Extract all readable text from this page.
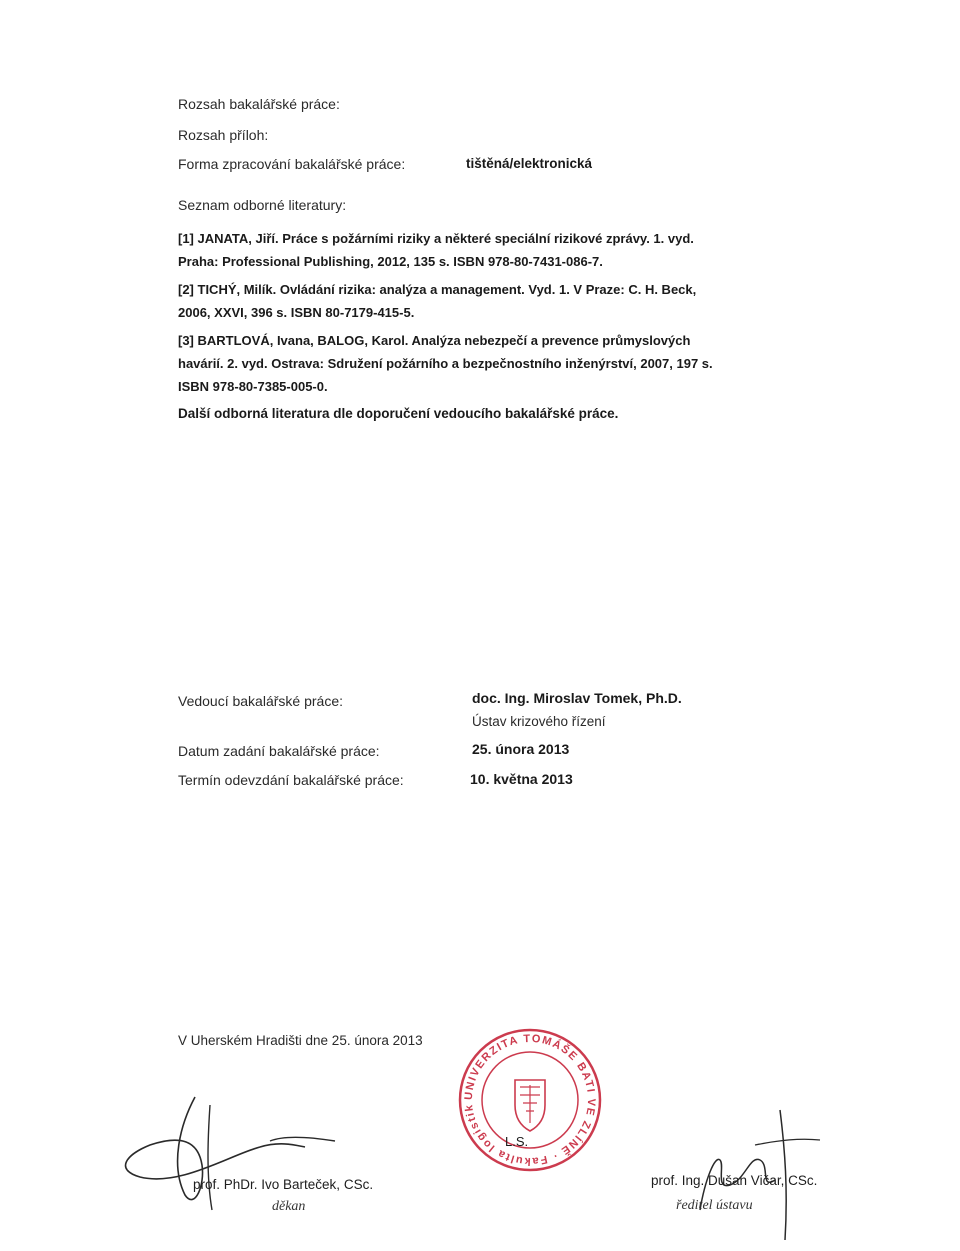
Rozsah bakalářské práce:
Rozsah příloh:
Forma zpracování bakalářské práce:	tištěná/elektronická
Seznam odborné literatury:
[1] JANATA, Jiří. Práce s požárními riziky a některé speciální rizikové zprávy. 1. vyd.
Praha: Professional Publishing, 2012, 135 s. ISBN 978-80-7431-086-7.
[2] TICHÝ, Milík. Ovládání rizika: analýza a management. Vyd. 1. V Praze: C. H. Beck,
2006, XXVI, 396 s. ISBN 80-7179-415-5.
[3] BARTLOVÁ, Ivana, BALOG, Karol. Analýza nebezpečí a prevence průmyslových
havárií. 2. vyd. Ostrava: Sdružení požárního a bezpečnostního inženýrství, 2007, 197 s.
ISBN 978-80-7385-005-0.
Další odborná literatura dle doporučení vedoucího bakalářské práce.
Vedoucí bakalářské práce:	doc. Ing. Miroslav Tomek, Ph.D.
Ústav krizového řízení
Datum zadání bakalářské práce:	25. února 2013
Termín odevzdání bakalářské práce:	10. května 2013
V Uherském Hradišti dne 25. února 2013
UNIVERZITA TOMÁŠE BATI VE ZLÍNĚ · Fakulta logistiky a krizového řízení
L.S.
prof. PhDr. Ivo Barteček, CSc.
děkan
prof. Ing. Dušan Vičar, CSc.
ředitel ústavu
